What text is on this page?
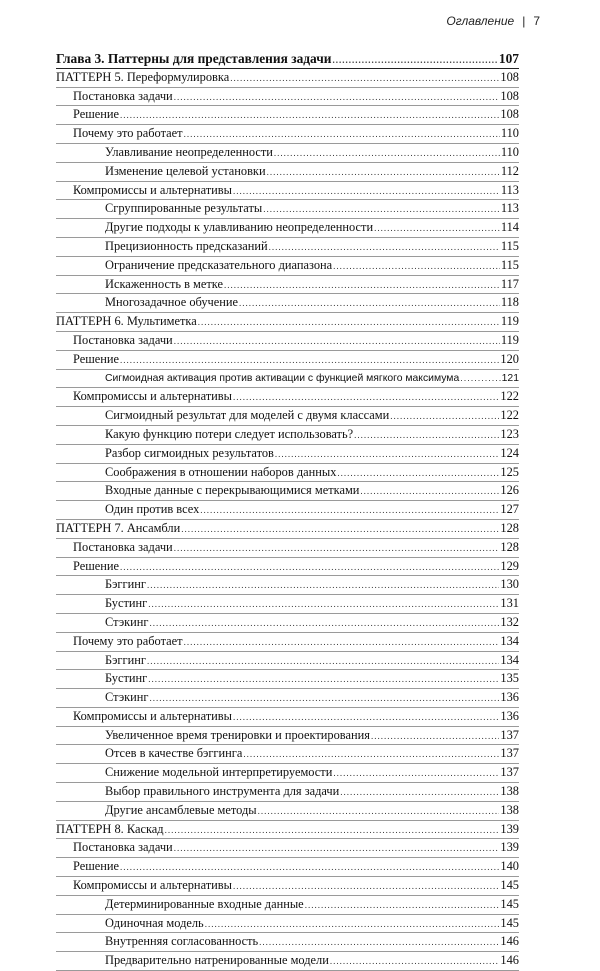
Оглавление | 7
Глава 3. Паттерны для представления задачи .....	107
ПАТТЕРН 5. Переформулировка .....	108
Постановка задачи .....	108
Решение .....	108
Почему это работает .....	110
Улавливание неопределенности .....	110
Изменение целевой установки .....	112
Компромиссы и альтернативы .....	113
Сгруппированные результаты .....	113
Другие подходы к улавливанию неопределенности .....	114
Прецизионность предсказаний .....	115
Ограничение предсказательного диапазона .....	115
Искаженность в метке .....	117
Многозадачное обучение .....	118
ПАТТЕРН 6. Мультиметка .....	119
Постановка задачи .....	119
Решение .....	120
Сигмоидная активация против активации с функцией мягкого максимума .....	121
Компромиссы и альтернативы .....	122
Сигмоидный результат для моделей с двумя классами .....	122
Какую функцию потери следует использовать? .....	123
Разбор сигмоидных результатов .....	124
Соображения в отношении наборов данных .....	125
Входные данные с перекрывающимися метками .....	126
Один против всех .....	127
ПАТТЕРН 7. Ансамбли .....	128
Постановка задачи .....	128
Решение .....	129
Бэггинг .....	130
Бустинг .....	131
Стэкинг .....	132
Почему это работает .....	134
Бэггинг .....	134
Бустинг .....	135
Стэкинг .....	136
Компромиссы и альтернативы .....	136
Увеличенное время тренировки и проектирования .....	137
Отсев в качестве бэггинга .....	137
Снижение модельной интерпретируемости .....	137
Выбор правильного инструмента для задачи .....	138
Другие ансамблевые методы .....	138
ПАТТЕРН 8. Каскад .....	139
Постановка задачи .....	139
Решение .....	140
Компромиссы и альтернативы .....	145
Детерминированные входные данные .....	145
Одиночная модель .....	145
Внутренняя согласованность .....	146
Предварительно натренированные модели .....	146
